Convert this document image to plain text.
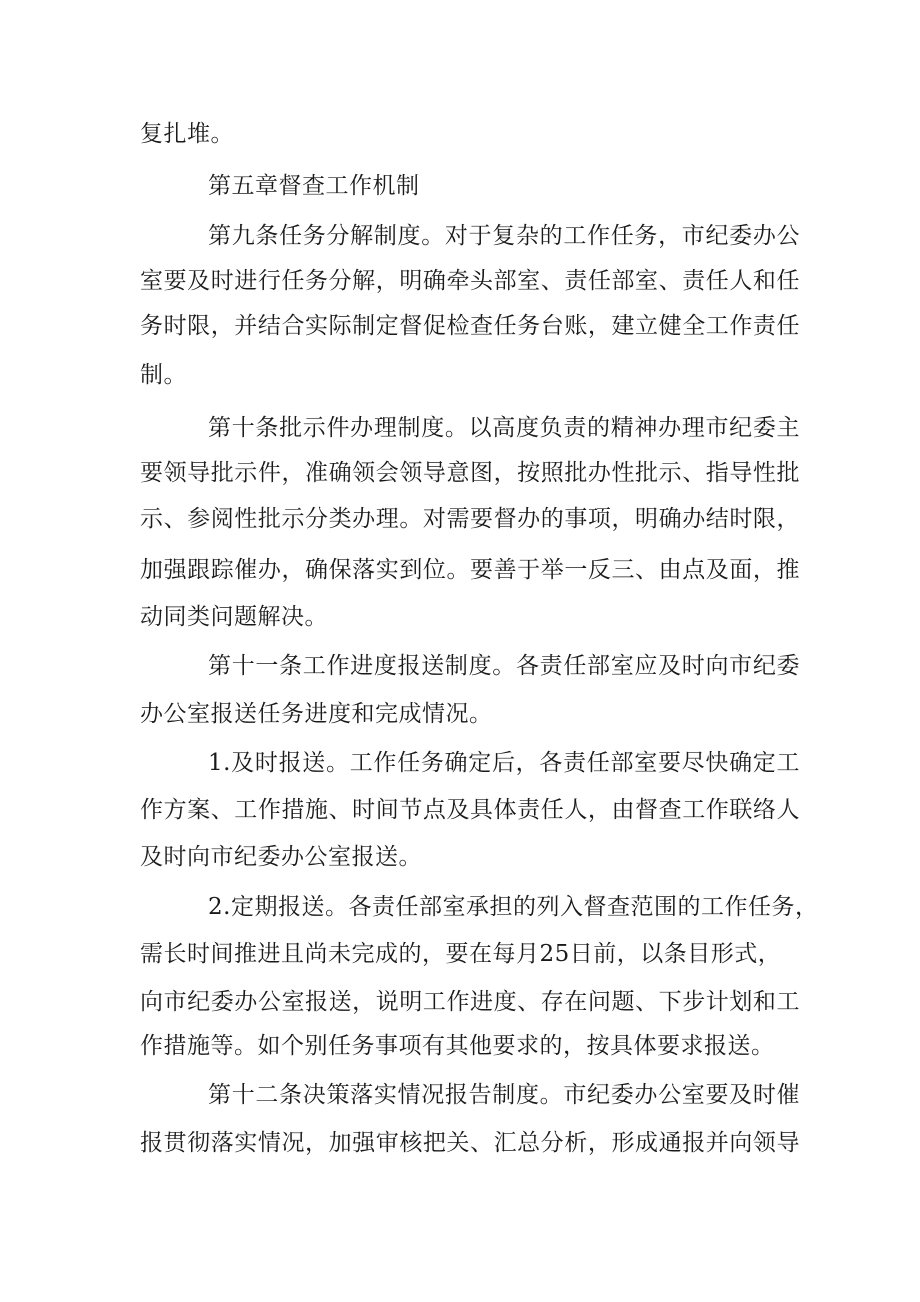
复扎堆。
第五章督查工作机制
第九条任务分解制度。对于复杂的工作任务，市纪委办公
室要及时进行任务分解，明确牵头部室、责任部室、责任人和任
务时限，并结合实际制定督促检查任务台账，建立健全工作责任
制。
第十条批示件办理制度。以高度负责的精神办理市纪委主
要领导批示件，准确领会领导意图，按照批办性批示、指导性批
示、参阅性批示分类办理。对需要督办的事项，明确办结时限，
加强跟踪催办，确保落实到位。要善于举一反三、由点及面，推
动同类问题解决。
第十一条工作进度报送制度。各责任部室应及时向市纪委
办公室报送任务进度和完成情况。
1.及时报送。工作任务确定后，各责任部室要尽快确定工
作方案、工作措施、时间节点及具体责任人，由督查工作联络人
及时向市纪委办公室报送。
2.定期报送。各责任部室承担的列入督查范围的工作任务，
需长时间推进且尚未完成的，要在每月25日前，以条目形式，
向市纪委办公室报送，说明工作进度、存在问题、下步计划和工
作措施等。如个别任务事项有其他要求的，按具体要求报送。
第十二条决策落实情况报告制度。市纪委办公室要及时催
报贯彻落实情况，加强审核把关、汇总分析，形成通报并向领导
